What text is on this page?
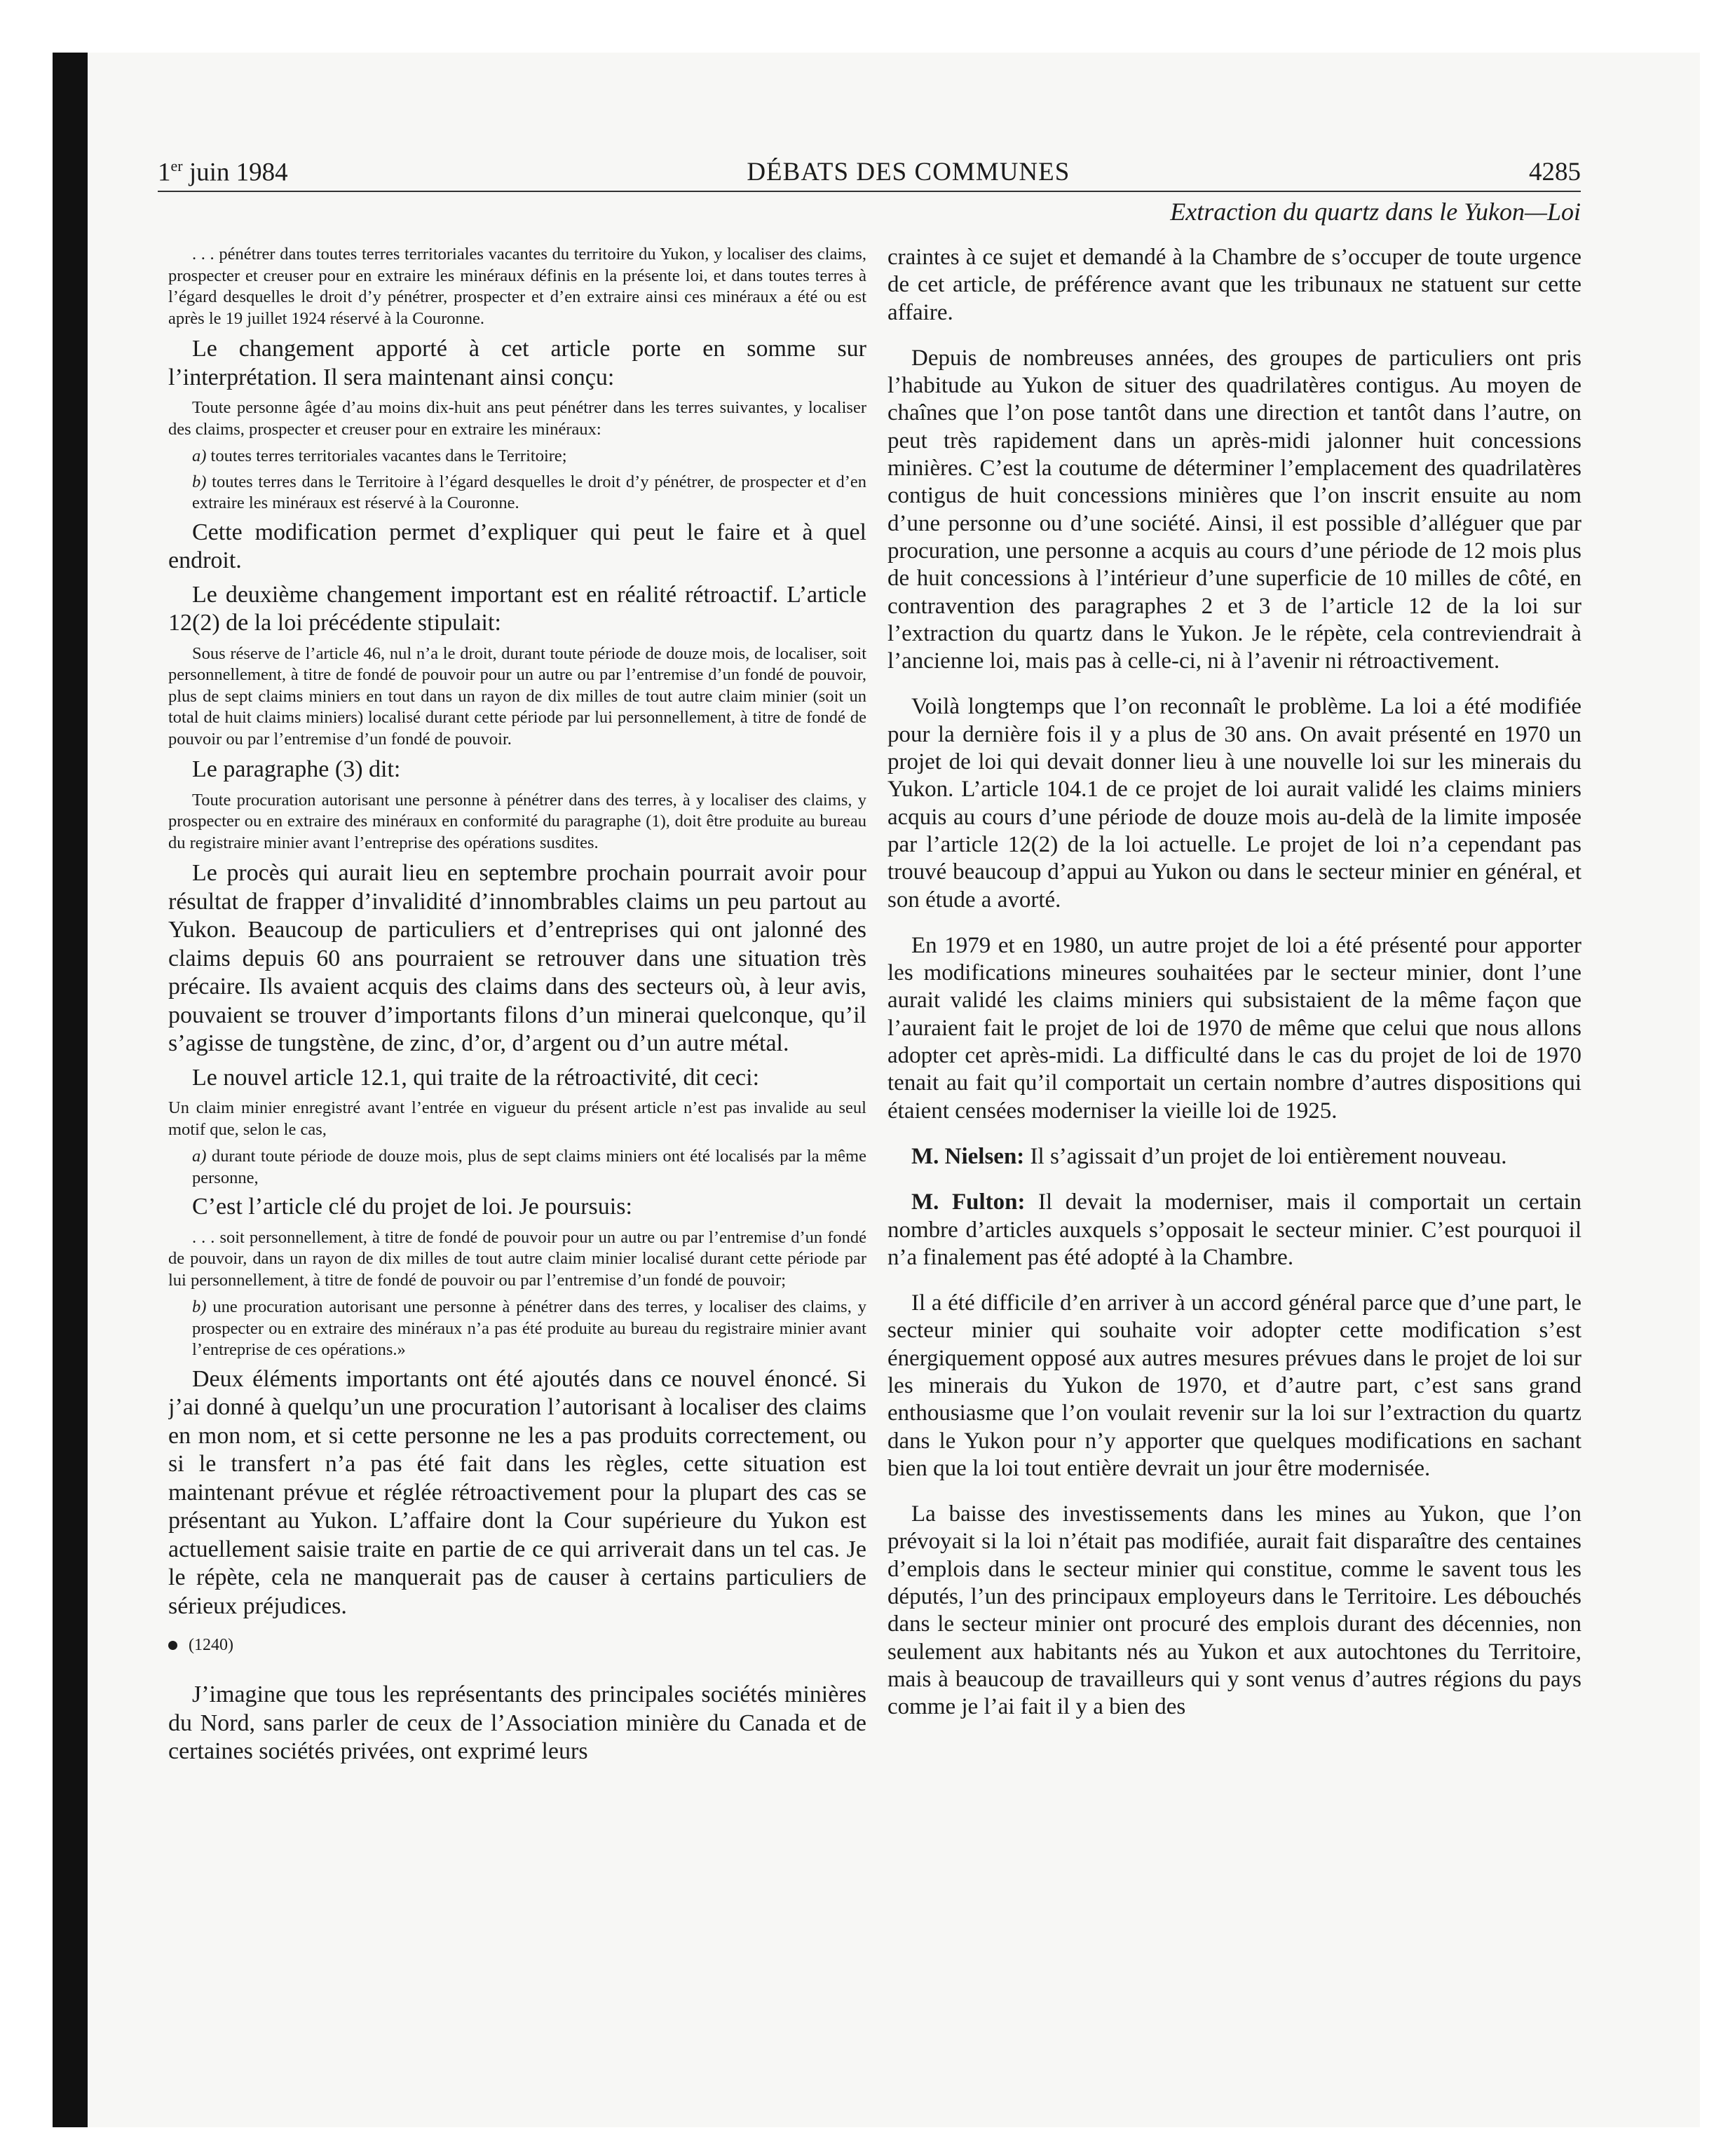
1er juin 1984	DÉBATS DES COMMUNES	4285
Extraction du quartz dans le Yukon—Loi

. . . pénétrer dans toutes terres territoriales vacantes du territoire du Yukon, y localiser des claims, prospecter et creuser pour en extraire les minéraux définis en la présente loi, et dans toutes terres à l’égard desquelles le droit d’y pénétrer, prospecter et d’en extraire ainsi ces minéraux a été ou est après le 19 juillet 1924 réservé à la Couronne.

Le changement apporté à cet article porte en somme sur l’interprétation. Il sera maintenant ainsi conçu:

Toute personne âgée d’au moins dix-huit ans peut pénétrer dans les terres suivantes, y localiser des claims, prospecter et creuser pour en extraire les minéraux:

a) toutes terres territoriales vacantes dans le Territoire;

b) toutes terres dans le Territoire à l’égard desquelles le droit d’y pénétrer, de prospecter et d’en extraire les minéraux est réservé à la Couronne.

Cette modification permet d’expliquer qui peut le faire et à quel endroit.

Le deuxième changement important est en réalité rétroactif. L’article 12(2) de la loi précédente stipulait:

Sous réserve de l’article 46, nul n’a le droit, durant toute période de douze mois, de localiser, soit personnellement, à titre de fondé de pouvoir pour un autre ou par l’entremise d’un fondé de pouvoir, plus de sept claims miniers en tout dans un rayon de dix milles de tout autre claim minier (soit un total de huit claims miniers) localisé durant cette période par lui personnellement, à titre de fondé de pouvoir ou par l’entremise d’un fondé de pouvoir.

Le paragraphe (3) dit:

Toute procuration autorisant une personne à pénétrer dans des terres, à y localiser des claims, y prospecter ou en extraire des minéraux en conformité du paragraphe (1), doit être produite au bureau du registraire minier avant l’entreprise des opérations susdites.

Le procès qui aurait lieu en septembre prochain pourrait avoir pour résultat de frapper d’invalidité d’innombrables claims un peu partout au Yukon. Beaucoup de particuliers et d’entreprises qui ont jalonné des claims depuis 60 ans pourraient se retrouver dans une situation très précaire. Ils avaient acquis des claims dans des secteurs où, à leur avis, pouvaient se trouver d’importants filons d’un minerai quelconque, qu’il s’agisse de tungstène, de zinc, d’or, d’argent ou d’un autre métal.

Le nouvel article 12.1, qui traite de la rétroactivité, dit ceci:

Un claim minier enregistré avant l’entrée en vigueur du présent article n’est pas invalide au seul motif que, selon le cas,

a) durant toute période de douze mois, plus de sept claims miniers ont été localisés par la même personne,

C’est l’article clé du projet de loi. Je poursuis:

. . . soit personnellement, à titre de fondé de pouvoir pour un autre ou par l’entremise d’un fondé de pouvoir, dans un rayon de dix milles de tout autre claim minier localisé durant cette période par lui personnellement, à titre de fondé de pouvoir ou par l’entremise d’un fondé de pouvoir;

b) une procuration autorisant une personne à pénétrer dans des terres, y localiser des claims, y prospecter ou en extraire des minéraux n’a pas été produite au bureau du registraire minier avant l’entreprise de ces opérations.»

Deux éléments importants ont été ajoutés dans ce nouvel énoncé. Si j’ai donné à quelqu’un une procuration l’autorisant à localiser des claims en mon nom, et si cette personne ne les a pas produits correctement, ou si le transfert n’a pas été fait dans les règles, cette situation est maintenant prévue et réglée rétroactivement pour la plupart des cas se présentant au Yukon. L’affaire dont la Cour supérieure du Yukon est actuellement saisie traite en partie de ce qui arriverait dans un tel cas. Je le répète, cela ne manquerait pas de causer à certains particuliers de sérieux préjudices.

(1240)

J’imagine que tous les représentants des principales sociétés minières du Nord, sans parler de ceux de l’Association minière du Canada et de certaines sociétés privées, ont exprimé leurs

craintes à ce sujet et demandé à la Chambre de s’occuper de toute urgence de cet article, de préférence avant que les tribunaux ne statuent sur cette affaire.

Depuis de nombreuses années, des groupes de particuliers ont pris l’habitude au Yukon de situer des quadrilatères contigus. Au moyen de chaînes que l’on pose tantôt dans une direction et tantôt dans l’autre, on peut très rapidement dans un après-midi jalonner huit concessions minières. C’est la coutume de déterminer l’emplacement des quadrilatères contigus de huit concessions minières que l’on inscrit ensuite au nom d’une personne ou d’une société. Ainsi, il est possible d’alléguer que par procuration, une personne a acquis au cours d’une période de 12 mois plus de huit concessions à l’intérieur d’une superficie de 10 milles de côté, en contravention des paragraphes 2 et 3 de l’article 12 de la loi sur l’extraction du quartz dans le Yukon. Je le répète, cela contreviendrait à l’ancienne loi, mais pas à celle-ci, ni à l’avenir ni rétroactivement.

Voilà longtemps que l’on reconnaît le problème. La loi a été modifiée pour la dernière fois il y a plus de 30 ans. On avait présenté en 1970 un projet de loi qui devait donner lieu à une nouvelle loi sur les minerais du Yukon. L’article 104.1 de ce projet de loi aurait validé les claims miniers acquis au cours d’une période de douze mois au-delà de la limite imposée par l’article 12(2) de la loi actuelle. Le projet de loi n’a cependant pas trouvé beaucoup d’appui au Yukon ou dans le secteur minier en général, et son étude a avorté.

En 1979 et en 1980, un autre projet de loi a été présenté pour apporter les modifications mineures souhaitées par le secteur minier, dont l’une aurait validé les claims miniers qui subsistaient de la même façon que l’auraient fait le projet de loi de 1970 de même que celui que nous allons adopter cet après-midi. La difficulté dans le cas du projet de loi de 1970 tenait au fait qu’il comportait un certain nombre d’autres dispositions qui étaient censées moderniser la vieille loi de 1925.

M. Nielsen: Il s’agissait d’un projet de loi entièrement nouveau.

M. Fulton: Il devait la moderniser, mais il comportait un certain nombre d’articles auxquels s’opposait le secteur minier. C’est pourquoi il n’a finalement pas été adopté à la Chambre.

Il a été difficile d’en arriver à un accord général parce que d’une part, le secteur minier qui souhaite voir adopter cette modification s’est énergiquement opposé aux autres mesures prévues dans le projet de loi sur les minerais du Yukon de 1970, et d’autre part, c’est sans grand enthousiasme que l’on voulait revenir sur la loi sur l’extraction du quartz dans le Yukon pour n’y apporter que quelques modifications en sachant bien que la loi tout entière devrait un jour être modernisée.

La baisse des investissements dans les mines au Yukon, que l’on prévoyait si la loi n’était pas modifiée, aurait fait disparaître des centaines d’emplois dans le secteur minier qui constitue, comme le savent tous les députés, l’un des principaux employeurs dans le Territoire. Les débouchés dans le secteur minier ont procuré des emplois durant des décennies, non seulement aux habitants nés au Yukon et aux autochtones du Territoire, mais à beaucoup de travailleurs qui y sont venus d’autres régions du pays comme je l’ai fait il y a bien des
